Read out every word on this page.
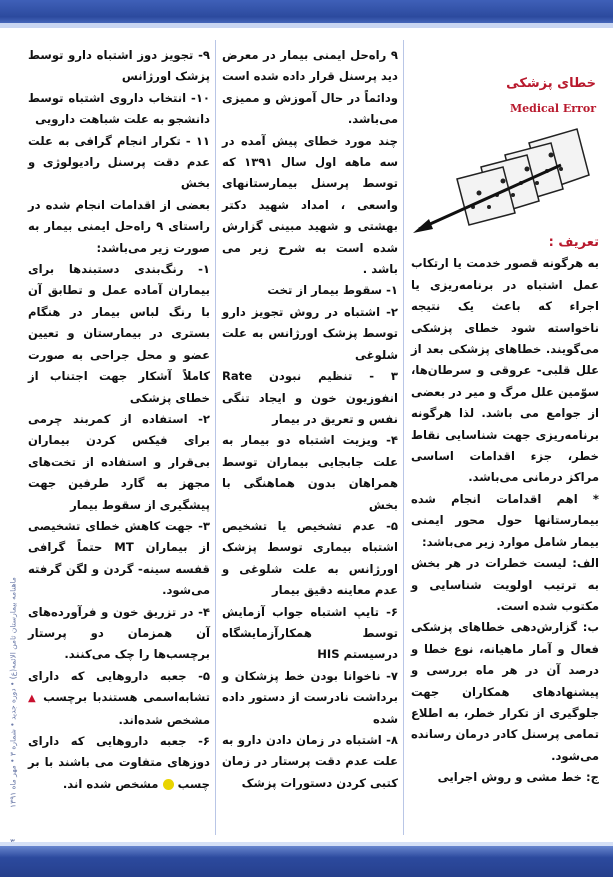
خطای پزشکی
Medical Error

تعریف :

به هرگونه قصور خدمت یا ارتکاب عمل اشتباه در برنامه‌ریزی یا اجراء که باعث یک نتیجه ناخواسته شود خطای پزشکی می‌گویند. خطاهای پزشکی بعد از علل قلبی- عروقی و سرطان‌ها، سوّمین علل مرگ و میر در بعضی از جوامع می باشد. لذا هرگونه برنامه‌ریزی جهت شناسایی نقاط خطر، جزء اقدامات اساسی مراکز درمانی می‌باشد.

* اهم اقدامات انجام شده بیمارستانها حول محور ایمنی بیمار شامل موارد زیر می‌باشد:

الف: لیست خطرات در هر بخش به ترتیب اولویت شناسایی و مکتوب شده است.

ب: گزارش‌دهی خطاهای پزشکی فعال و آمار ماهیانه، نوع خطا و درصد آن در هر ماه بررسی و پیشنهادهای همکاران جهت جلوگیری از تکرار خطر، به اطلاع تمامی پرسنل کادر درمان رسانده می‌شود.

ج: خط مشی و روش اجرایی

۹ راه‌حل ایمنی بیمار در معرض دید پرسنل قرار داده شده است ودائماً در حال آموزش و ممیزی می‌باشد.

چند مورد خطای پیش آمده در سه ماهه اول سال ۱۳۹۱ که توسط پرسنل بیمارستانهای واسعی ، امداد شهید دکتر بهشتی و شهید مبینی گزارش شده است به شرح زیر می باشد .

۱- سقوط بیمار از تخت

۲- اشتباه در روش تجویز دارو توسط پزشک اورژانس به علت شلوغی

۳ - تنظیم نبودن Rate انفوزیون خون و ایجاد تنگی نفس و تعریق در بیمار

۴- ویزیت اشتباه دو بیمار به علت جابجایی بیماران توسط همراهان بدون هماهنگی با بخش

۵- عدم تشخیص یا تشخیص اشتباه بیماری توسط پزشک اورژانس به علت شلوغی و عدم معاینه دقیق بیمار

۶- تایپ اشتباه جواب آزمایش توسط همکارآزمایشگاه درسیستم HIS

۷- ناخوانا بودن خط پزشکان و برداشت نادرست از دستور داده شده

۸- اشتباه در زمان دادن دارو به علت عدم دقت پرستار در زمان کتبی کردن دستورات پزشک

۹- تجویز دوز اشتباه دارو توسط پزشک اورژانس

۱۰- انتخاب داروی اشتباه توسط دانشجو به علت شباهت دارویی

۱۱ - تکرار انجام گرافی به علت عدم دقت پرسنل رادیولوژی و بخش

بعضی از اقدامات انجام شده در راستای ۹ راه‌حل ایمنی بیمار به صورت زیر می‌باشد:

۱- رنگ‌بندی دستبندها برای بیماران آماده عمل و تطابق آن با رنگ لباس بیمار در هنگام بستری در بیمارستان و تعیین عضو و محل جراحی به صورت کاملاً آشکار جهت اجتناب از خطای پزشکی

۲- استفاده از کمربند چرمی برای فیکس کردن بیماران بی‌قرار و استفاده از تخت‌های مجهز به گارد طرفین جهت پیشگیری از سقوط بیمار

۳- جهت کاهش خطای تشخیصی از بیماران MT حتماً گرافی قفسه سینه- گردن و لگن گرفته می‌شود.

۴- در تزریق خون و فرآورده‌های آن همزمان دو پرستار برچسب‌ها را چک می‌کنند.

۵- جعبه داروهایی که دارای تشابه‌اسمی هستندبا برچسب ▲ مشخص شده‌اند.

۶- جعبه داروهایی که دارای دوزهای متفاوت می باشند با بر چسب  مشخص شده اند.

ماهنامه بیمارستان ثامن الائمه(ع) • دوره جدید • شماره ۳ • مهر ماه ۱۳۹۱
